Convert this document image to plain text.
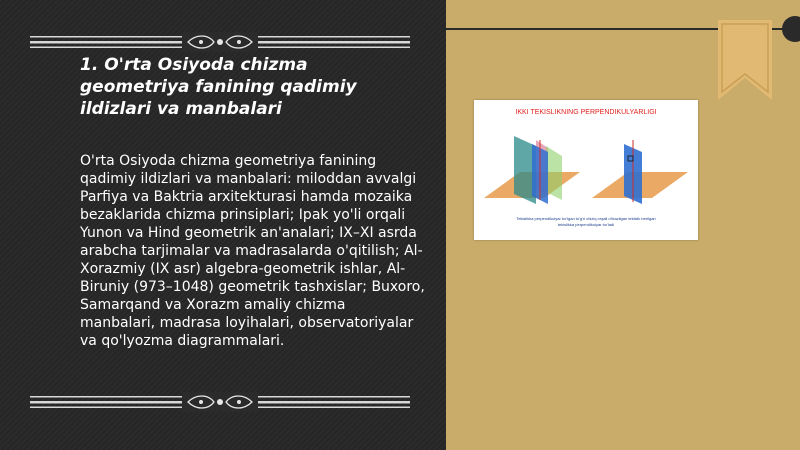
1. O'rta Osiyoda chizma geometriya fanining qadimiy ildizlari va manbalari
O'rta Osiyoda chizma geometriya fanining qadimiy ildizlari va manbalari: miloddan avvalgi Parfiya va Baktria arxitekturasi hamda mozaika bezaklarida chizma prinsiplari; Ipak yo'li orqali Yunon va Hind geometrik an'analari; IX–XI asrda arabcha tarjimalar va madrasalarda o'qitilish; Al-Xorazmiy (IX asr) algebra-geometrik ishlar, Al-Biruniy (973–1048) geometrik tashxislar; Buxoro, Samarqand va Xorazm amaliy chizma manbalari, madrasa loyihalari, observatoriyalar va qo'lyozma diagrammalari.
IKKI TEKISLIKNING PERPENDIKULYARLIGI
Tekislikka perpendikulyar bo'lgan to'g'ri chiziq orqali o'tkazilgan tekislik berilgan
tekislikka perpendikulyar bo'ladi
